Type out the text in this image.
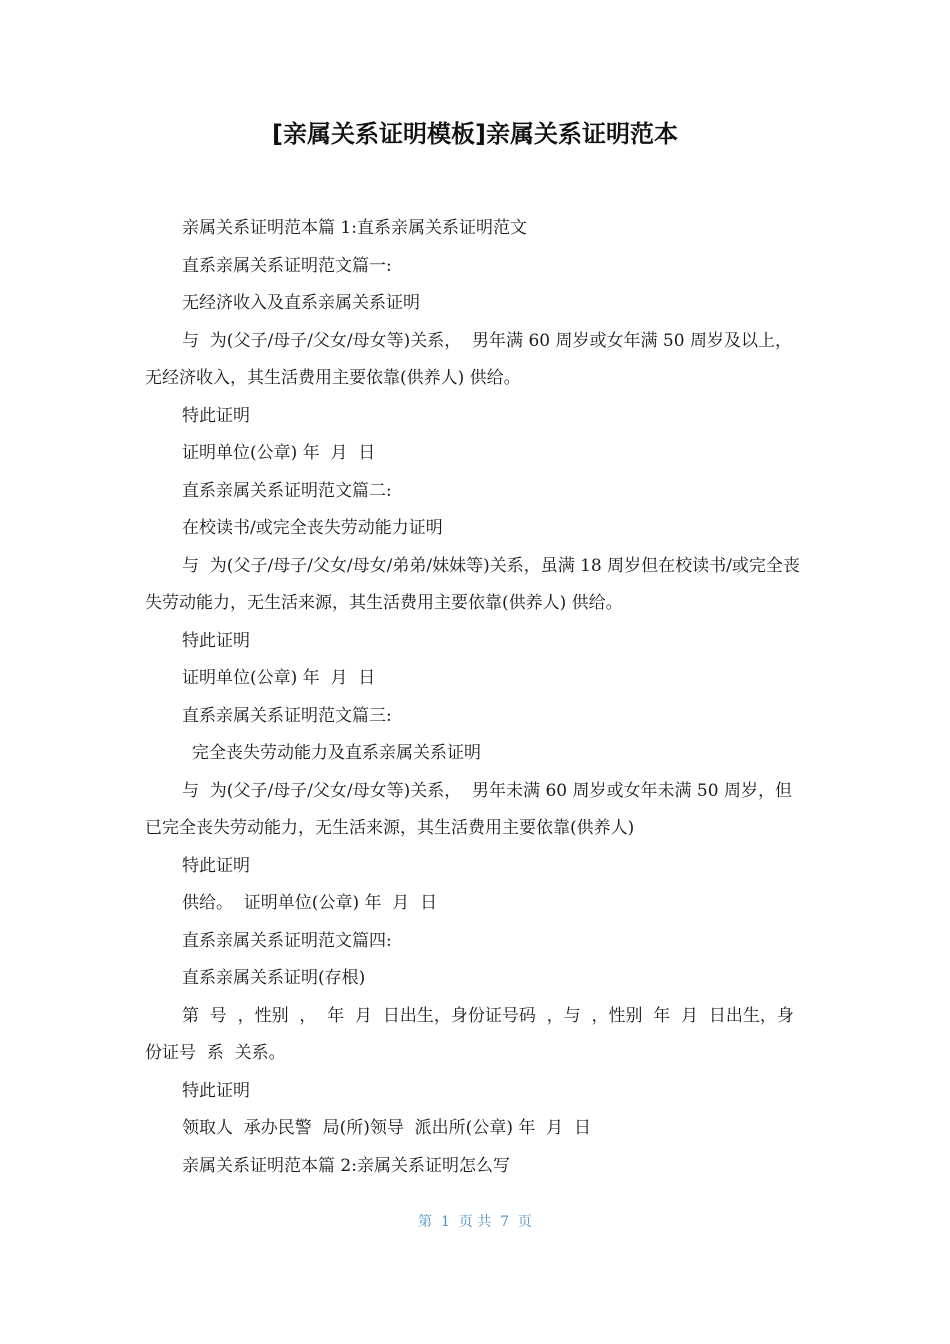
[亲属关系证明模板]亲属关系证明范本

亲属关系证明范本篇 1:直系亲属关系证明范文

直系亲属关系证明范文篇一:

无经济收入及直系亲属关系证明

与  为(父子/母子/父女/母女等)关系，  男年满 60 周岁或女年满 50 周岁及以上，无经济收入，其生活费用主要依靠(供养人) 供给。

特此证明

证明单位(公章) 年  月  日

直系亲属关系证明范文篇二:

在校读书/或完全丧失劳动能力证明

与  为(父子/母子/父女/母女/弟弟/妹妹等)关系，虽满 18 周岁但在校读书/或完全丧失劳动能力，无生活来源，其生活费用主要依靠(供养人) 供给。

特此证明

证明单位(公章) 年  月  日

直系亲属关系证明范文篇三:

完全丧失劳动能力及直系亲属关系证明

与  为(父子/母子/父女/母女等)关系，  男年未满 60 周岁或女年未满 50 周岁，但已完全丧失劳动能力，无生活来源，其生活费用主要依靠(供养人)

特此证明

供给。  证明单位(公章) 年  月  日

直系亲属关系证明范文篇四:

直系亲属关系证明(存根)

第  号  ，性别  ，  年  月  日出生，身份证号码  ，与  ，性别  年  月  日出生，身份证号  系  关系。

特此证明

领取人  承办民警  局(所)领导  派出所(公章) 年  月  日

亲属关系证明范本篇 2:亲属关系证明怎么写

第  1  页 共  7  页
